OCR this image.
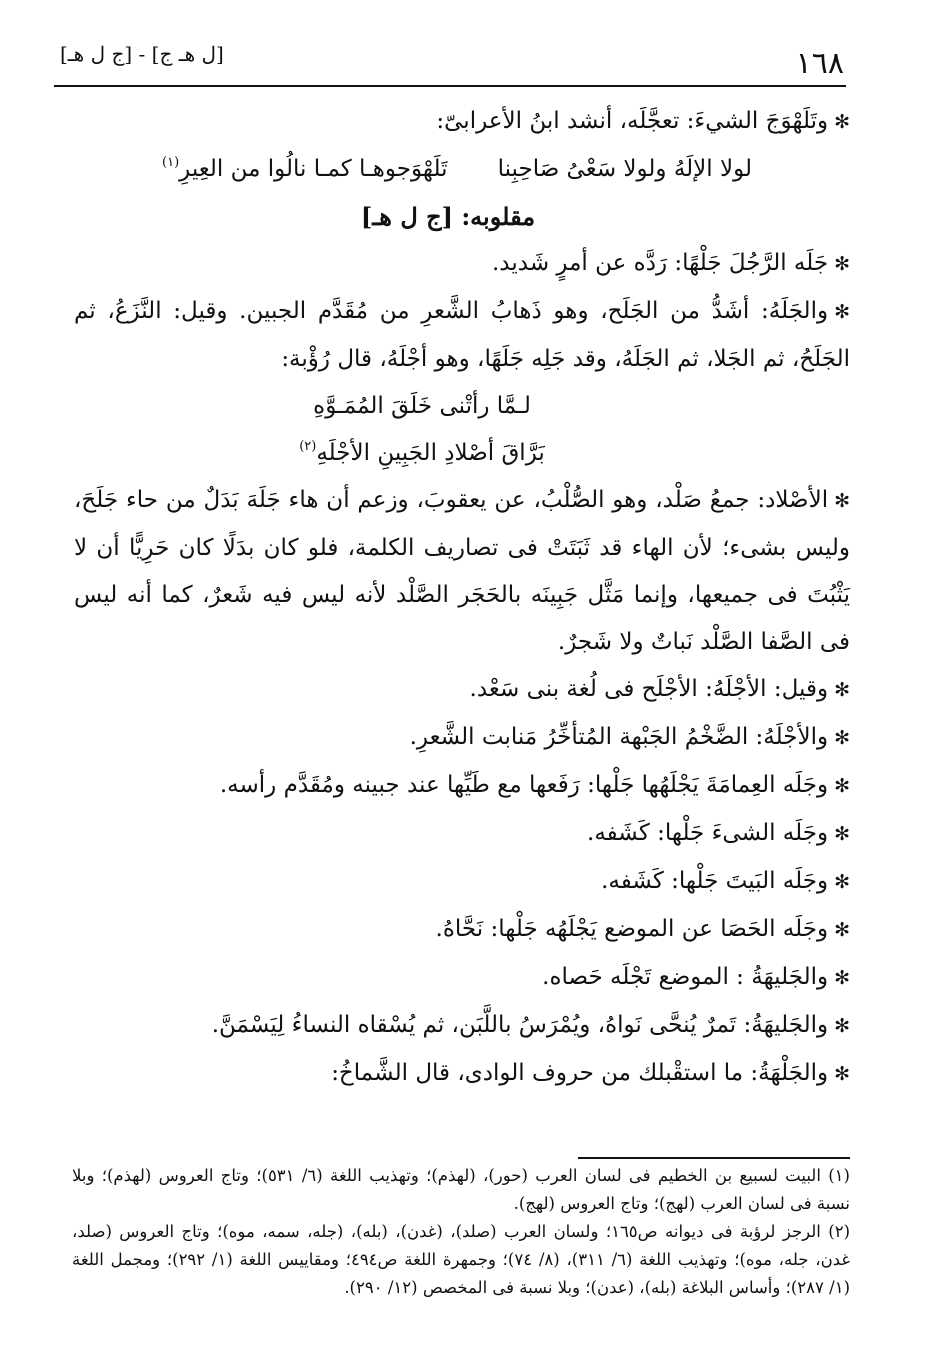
١٦٨
[ل هـ ج] - [ج ل هـ]

✻وتَلَهْوَجَ الشيءَ: تعجَّلَه، أنشد ابنُ الأعرابىّ:

لولا الإلَهُ ولولا سَعْىُ صَاحِبِنا
تَلَهْوَجوهـا كمـا نالُوا من العِيرِ$^{(١)}$

مقلوبه: [ج ل هـ]

✻جَلَه الرَّجُلَ جَلْهًا: رَدَّه عن أمرٍ شَديد.

✻والجَلَهُ: أشَدُّ من الجَلَح، وهو ذَهابُ الشَّعرِ من مُقَدَّم الجبين. وقيل: النَّزَعُ، ثم الجَلَحُ، ثم الجَلا، ثم الجَلَهُ، وقد جَلِه جَلَهًا، وهو أجْلَهُ، قال رُؤْبة:

لـمَّا رأتْنى خَلَقَ المُمَـوَّهِ

بَرَّاقَ أصْلادِ الجَبِينِ الأجْلَهِ$^{(٢)}$

✻الأصْلاد: جمعُ صَلْد، وهو الصُّلْبُ، عن يعقوبَ، وزعم أن هاء جَلَهَ بَدَلٌ من حاء جَلَحَ، وليس بشىء؛ لأن الهاء قد ثَبَتَتْ فى تصاريف الكلمة، فلو كان بدَلًا كان حَرِيًّا أن لا يَثْبُتَ فى جميعها، وإنما مَثَّل جَبِينَه بالحَجَر الصَّلْد لأنه ليس فيه شَعرٌ، كما أنه ليس فى الصَّفا الصَّلْد نَباتٌ ولا شَجرٌ.

✻وقيل: الأجْلَهُ: الأجْلَح فى لُغة بنى سَعْد.

✻والأجْلَهُ: الضَّخْمُ الجَبْهة المُتأخِّرُ مَنابت الشَّعرِ.

✻وجَلَه العِمامَةَ يَجْلَهُها جَلْها: رَفَعها مع طَيِّها عند جبينه ومُقَدَّم رأسه.

✻وجَلَه الشىءَ جَلْها: كَشَفه.

✻وجَلَه البَيتَ جَلْها: كَشَفه.

✻وجَلَه الحَصَا عن الموضع يَجْلَهُه جَلْها: نَحَّاهُ.

✻والجَليهَةُ : الموضع تَجْلَه حَصاه.

✻والجَليهَةُ: تَمرٌ يُنحَّى نَواهُ، ويُمْرَسُ باللَّبَن، ثم يُسْقاه النساءُ لِيَسْمَنَّ.

✻والجَلْهَةُ: ما استقْبلك من حروف الوادى، قال الشَّماخُ:

(١) البيت لسبيع بن الخطيم فى لسان العرب (حور)، (لهذم)؛ وتهذيب اللغة (٦/ ٥٣١)؛ وتاج العروس (لهذم)؛ وبلا نسبة فى لسان العرب (لهج)؛ وتاج العروس (لهج).

(٢) الرجز لرؤبة فى ديوانه ص١٦٥؛ ولسان العرب (صلد)، (غدن)، (بله)، (جله، سمه، موه)؛ وتاج العروس (صلد، غدن، جله، موه)؛ وتهذيب اللغة (٦/ ٣١١)، (٨/ ٧٤)؛ وجمهرة اللغة ص٤٩٤؛ ومقاييس اللغة (١/ ٢٩٢)؛ ومجمل اللغة (١/ ٢٨٧)؛ وأساس البلاغة (بله)، (عدن)؛ وبلا نسبة فى المخصص (١٢/ ٢٩٠).
